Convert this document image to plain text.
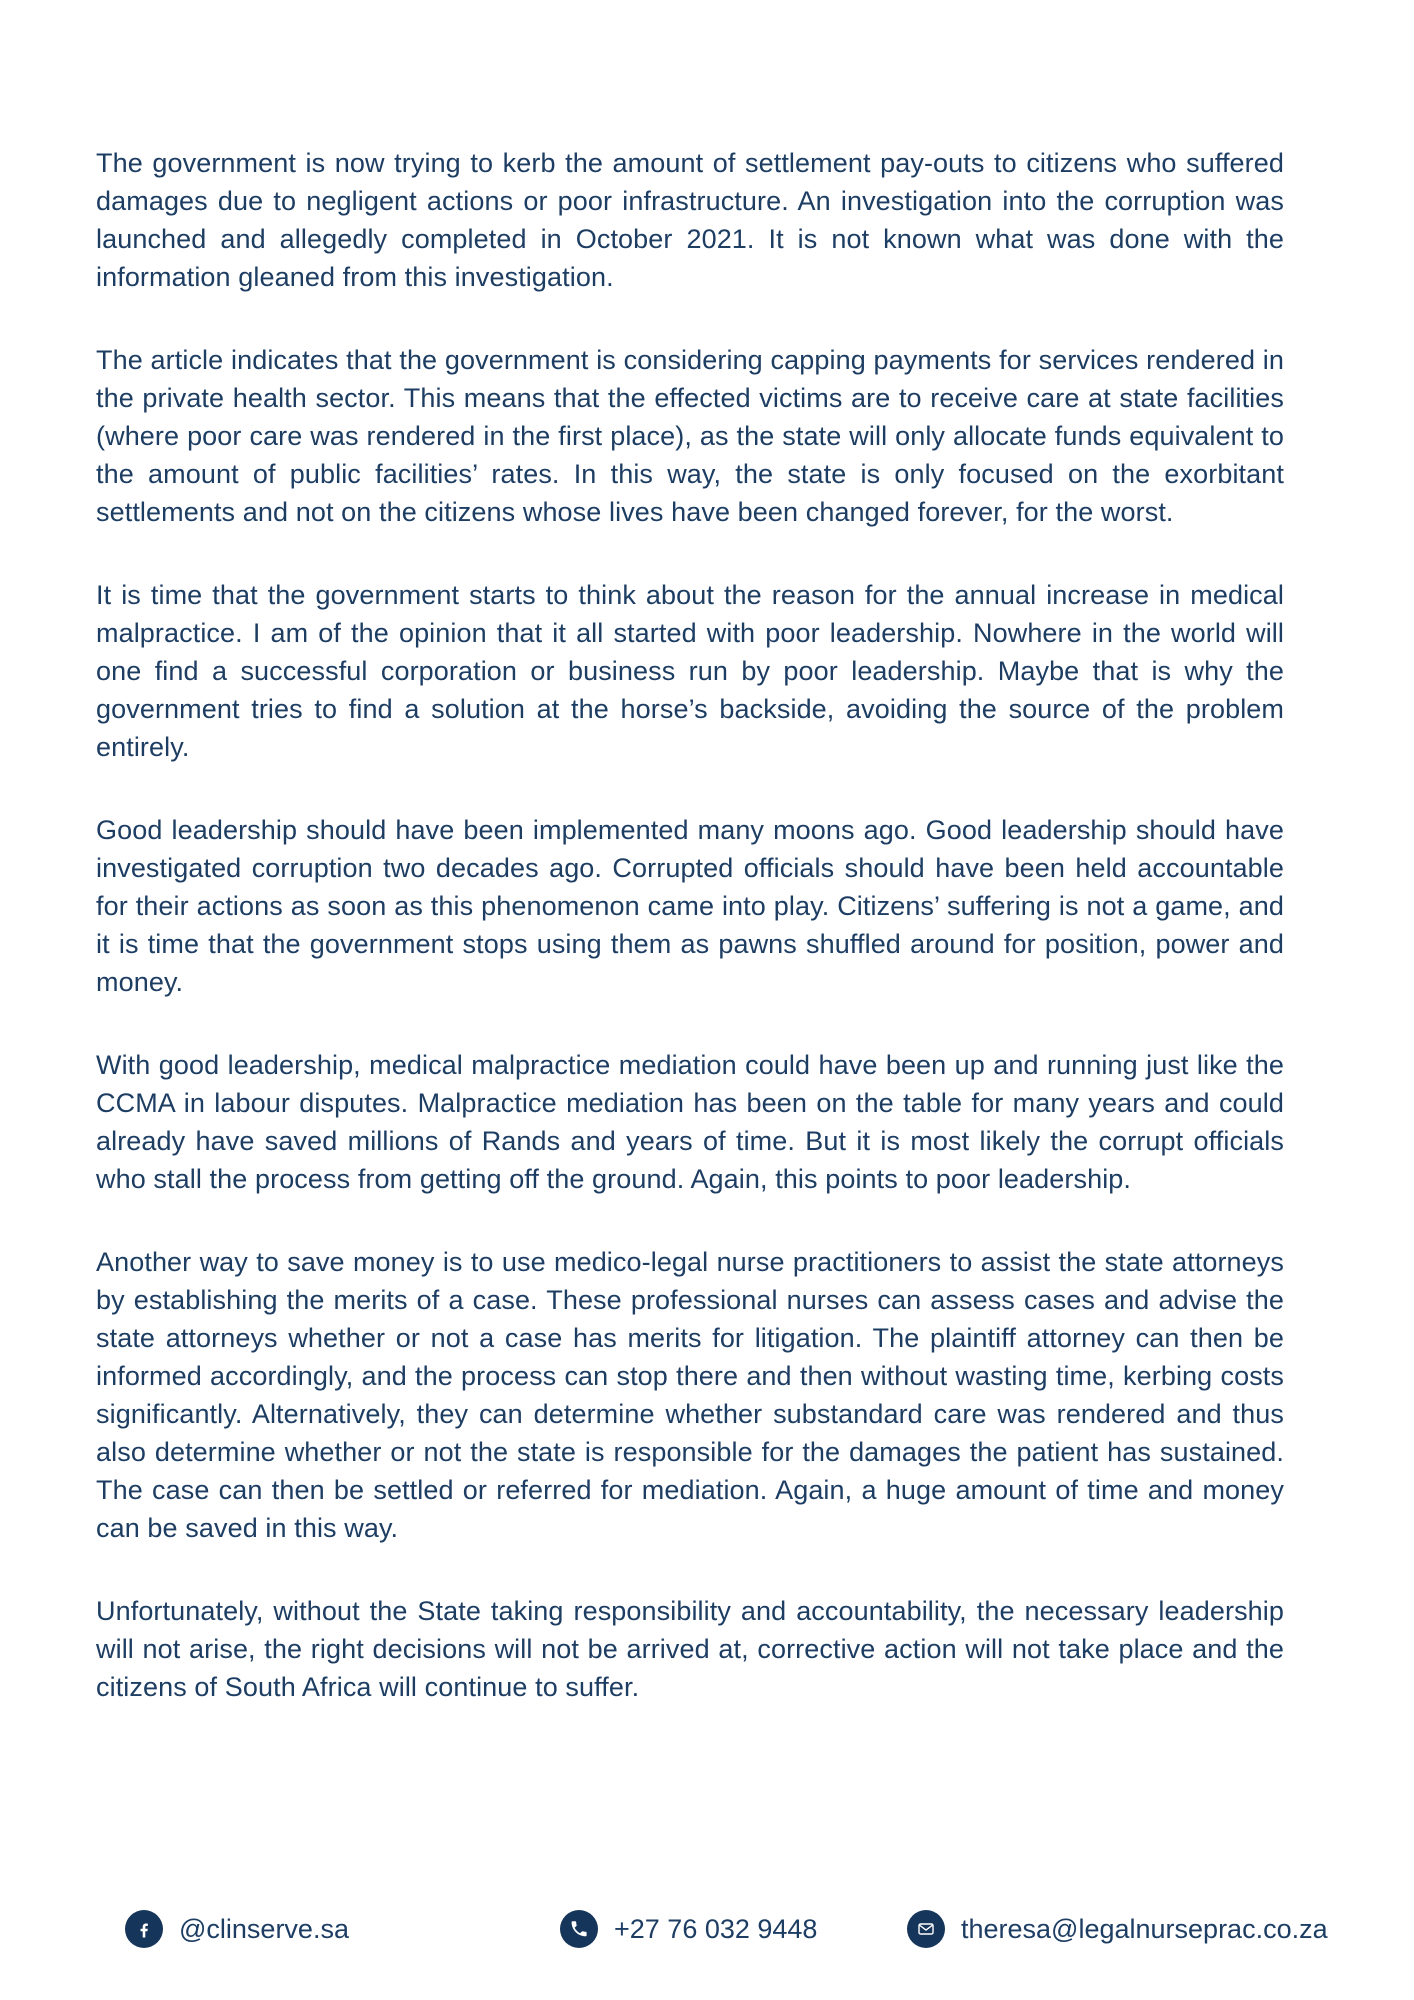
The government is now trying to kerb the amount of settlement pay-outs to citizens who suffered damages due to negligent actions or poor infrastructure. An investigation into the corruption was launched and allegedly completed in October 2021. It is not known what was done with the information gleaned from this investigation.

The article indicates that the government is considering capping payments for services rendered in the private health sector. This means that the effected victims are to receive care at state facilities (where poor care was rendered in the first place), as the state will only allocate funds equivalent to the amount of public facilities’ rates. In this way, the state is only focused on the exorbitant settlements and not on the citizens whose lives have been changed forever, for the worst.

It is time that the government starts to think about the reason for the annual increase in medical malpractice. I am of the opinion that it all started with poor leadership. Nowhere in the world will one find a successful corporation or business run by poor leadership. Maybe that is why the government tries to find a solution at the horse’s backside, avoiding the source of the problem entirely.

Good leadership should have been implemented many moons ago. Good leadership should have investigated corruption two decades ago. Corrupted officials should have been held accountable for their actions as soon as this phenomenon came into play. Citizens’ suffering is not a game, and it is time that the government stops using them as pawns shuffled around for position, power and money.

With good leadership, medical malpractice mediation could have been up and running just like the CCMA in labour disputes. Malpractice mediation has been on the table for many years and could already have saved millions of Rands and years of time. But it is most likely the corrupt officials who stall the process from getting off the ground. Again, this points to poor leadership.

Another way to save money is to use medico-legal nurse practitioners to assist the state attorneys by establishing the merits of a case. These professional nurses can assess cases and advise the state attorneys whether or not a case has merits for litigation. The plaintiff attorney can then be informed accordingly, and the process can stop there and then without wasting time, kerbing costs significantly. Alternatively, they can determine whether substandard care was rendered and thus also determine whether or not the state is responsible for the damages the patient has sustained. The case can then be settled or referred for mediation. Again, a huge amount of time and money can be saved in this way.

Unfortunately, without the State taking responsibility and accountability, the necessary leadership will not arise, the right decisions will not be arrived at, corrective action will not take place and the citizens of South Africa will continue to suffer.

@clinserve.sa	+27 76 032 9448	theresa@legalnurseprac.co.za
